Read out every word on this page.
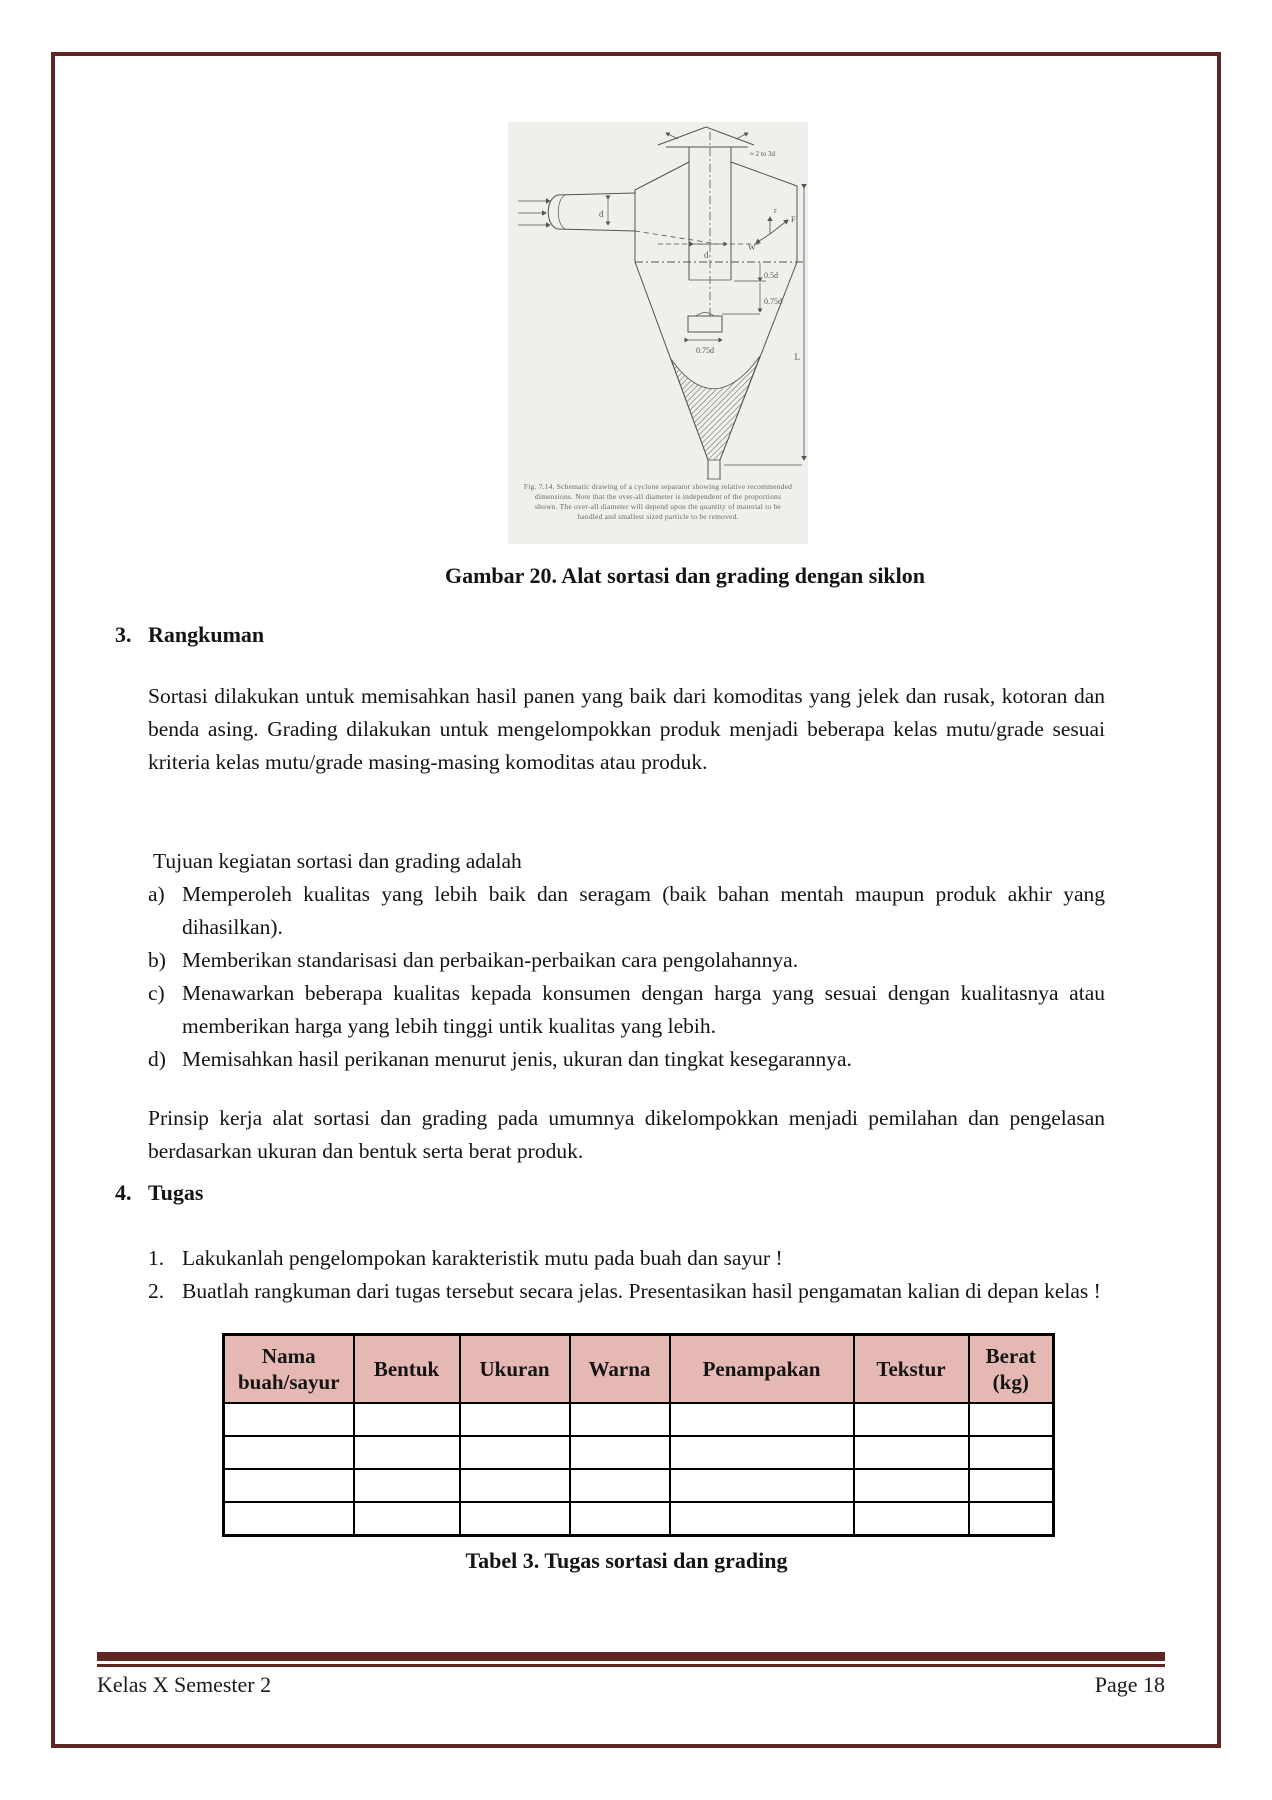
d
d
0.5d
0.75d
0.75d
r
F
W
L
≈ 2 to 3d
Fig. 7.14. Schematic drawing of a cyclone separator showing relative recommended
dimensions. Note that the over-all diameter is independent of the proportions
shown. The over-all diameter will depend upon the quantity of material to be
handled and smallest sized particle to be removed.
Gambar 20. Alat sortasi dan grading dengan siklon
3. Rangkuman
Sortasi dilakukan untuk memisahkan hasil panen yang baik dari komoditas yang jelek dan rusak, kotoran dan benda asing. Grading dilakukan untuk mengelompokkan produk menjadi beberapa kelas mutu/grade sesuai kriteria kelas mutu/grade masing-masing komoditas atau produk.
Tujuan kegiatan sortasi dan grading adalah
a) Memperoleh kualitas yang lebih baik dan seragam (baik bahan mentah maupun produk akhir yang dihasilkan).
b) Memberikan standarisasi dan perbaikan-perbaikan cara pengolahannya.
c) Menawarkan beberapa kualitas kepada konsumen dengan harga yang sesuai dengan kualitasnya atau memberikan harga yang lebih tinggi untik kualitas yang lebih.
d) Memisahkan hasil perikanan menurut jenis, ukuran dan tingkat kesegarannya.
Prinsip kerja alat sortasi dan grading pada umumnya dikelompokkan menjadi pemilahan dan pengelasan berdasarkan ukuran dan bentuk serta berat produk.
4. Tugas
1. Lakukanlah pengelompokan karakteristik mutu pada buah dan sayur !
2. Buatlah rangkuman dari tugas tersebut secara jelas. Presentasikan hasil pengamatan kalian di depan kelas !
Nama buah/sayur	Bentuk	Ukuran	Warna	Penampakan	Tekstur	Berat (kg)

Tabel 3. Tugas sortasi dan grading
Kelas X Semester 2	Page 18
